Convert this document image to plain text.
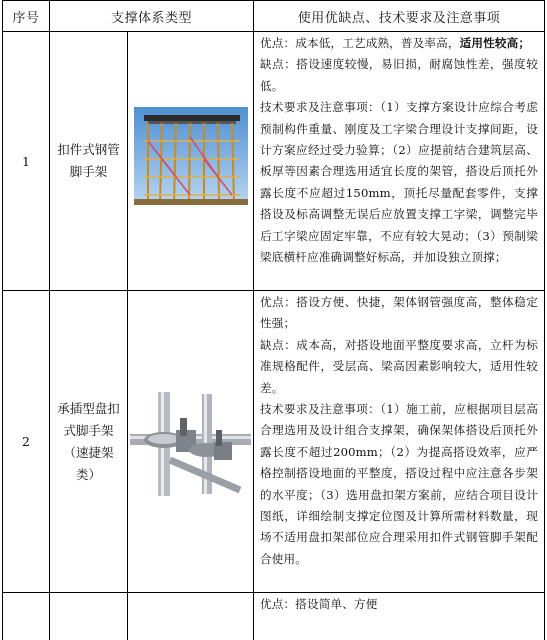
序号	支撑体系类型	使用优缺点、技术要求及注意事项
1
扣件式钢管
脚手架

优点：成本低，工艺成熟，普及率高，适用性较高；

缺点：搭设速度较慢，易旧损，耐腐蚀性差，强度较低。

技术要求及注意事项：（1）支撑方案设计应综合考虑预制构件重量、刚度及工字梁合理设计支撑间距，设计方案应经过受力验算；（2）应提前结合建筑层高、板厚等因素合理选用适宜长度的架管，搭设后顶托外露长度不应超过150mm，顶托尽量配套零件，支撑搭设及标高调整无误后应放置支撑工字梁，调整完毕后工字梁应固定牢靠，不应有较大晃动；（3）预制梁梁底横杆应准确调整好标高，并加设独立顶撑；

2
承插型盘扣
式脚手架
（速捷架
类）

优点：搭设方便、快捷，架体钢管强度高，整体稳定性强；

缺点：成本高，对搭设地面平整度要求高，立杆为标准规格配件，受层高、梁高因素影响较大，适用性较差。

技术要求及注意事项：（1）施工前，应根据项目层高合理选用及设计组合支撑架，确保架体搭设后顶托外露长度不超过200mm；（2）为提高搭设效率，应严格控制搭设地面的平整度，搭设过程中应注意各步架的水平度；（3）选用盘扣架方案前，应结合项目设计图纸，详细绘制支撑定位图及计算所需材料数量，现场不适用盘扣架部位应合理采用扣件式钢管脚手架配合使用。

优点：搭设简单、方便
